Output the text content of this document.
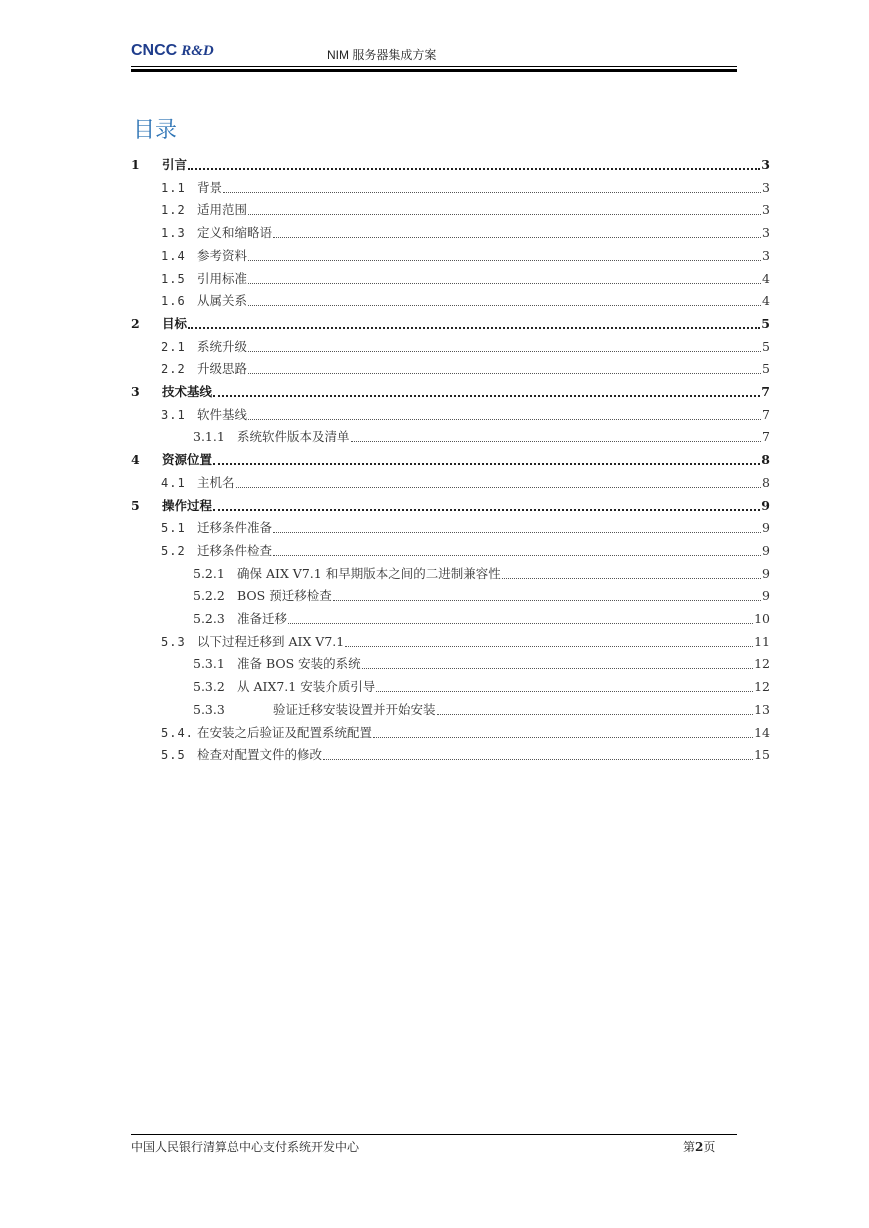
CNCC R&D	NIM 服务器集成方案
目录
1	引言	3
1.1 背景	3
1.2 适用范围	3
1.3 定义和缩略语	3
1.4 参考资料	3
1.5 引用标准	4
1.6 从属关系	4
2	目标	5
2.1 系统升级	5
2.2 升级思路	5
3	技术基线	7
3.1 软件基线	7
3.1.1 系统软件版本及清单	7
4	资源位置	8
4.1 主机名	8
5	操作过程	9
5.1 迁移条件准备	9
5.2 迁移条件检查	9
5.2.1 确保 AIX V7.1 和早期版本之间的二进制兼容性	9
5.2.2 BOS 预迁移检查	9
5.2.3 准备迁移	10
5.3 以下过程迁移到 AIX V7.1	11
5.3.1 准备 BOS 安装的系统	12
5.3.2 从 AIX7.1 安装介质引导	12
5.3.3	验证迁移安装设置并开始安装	13
5.4. 在安装之后验证及配置系统配置	14
5.5 检查对配置文件的修改	15
中国人民银行清算总中心支付系统开发中心	第2页
